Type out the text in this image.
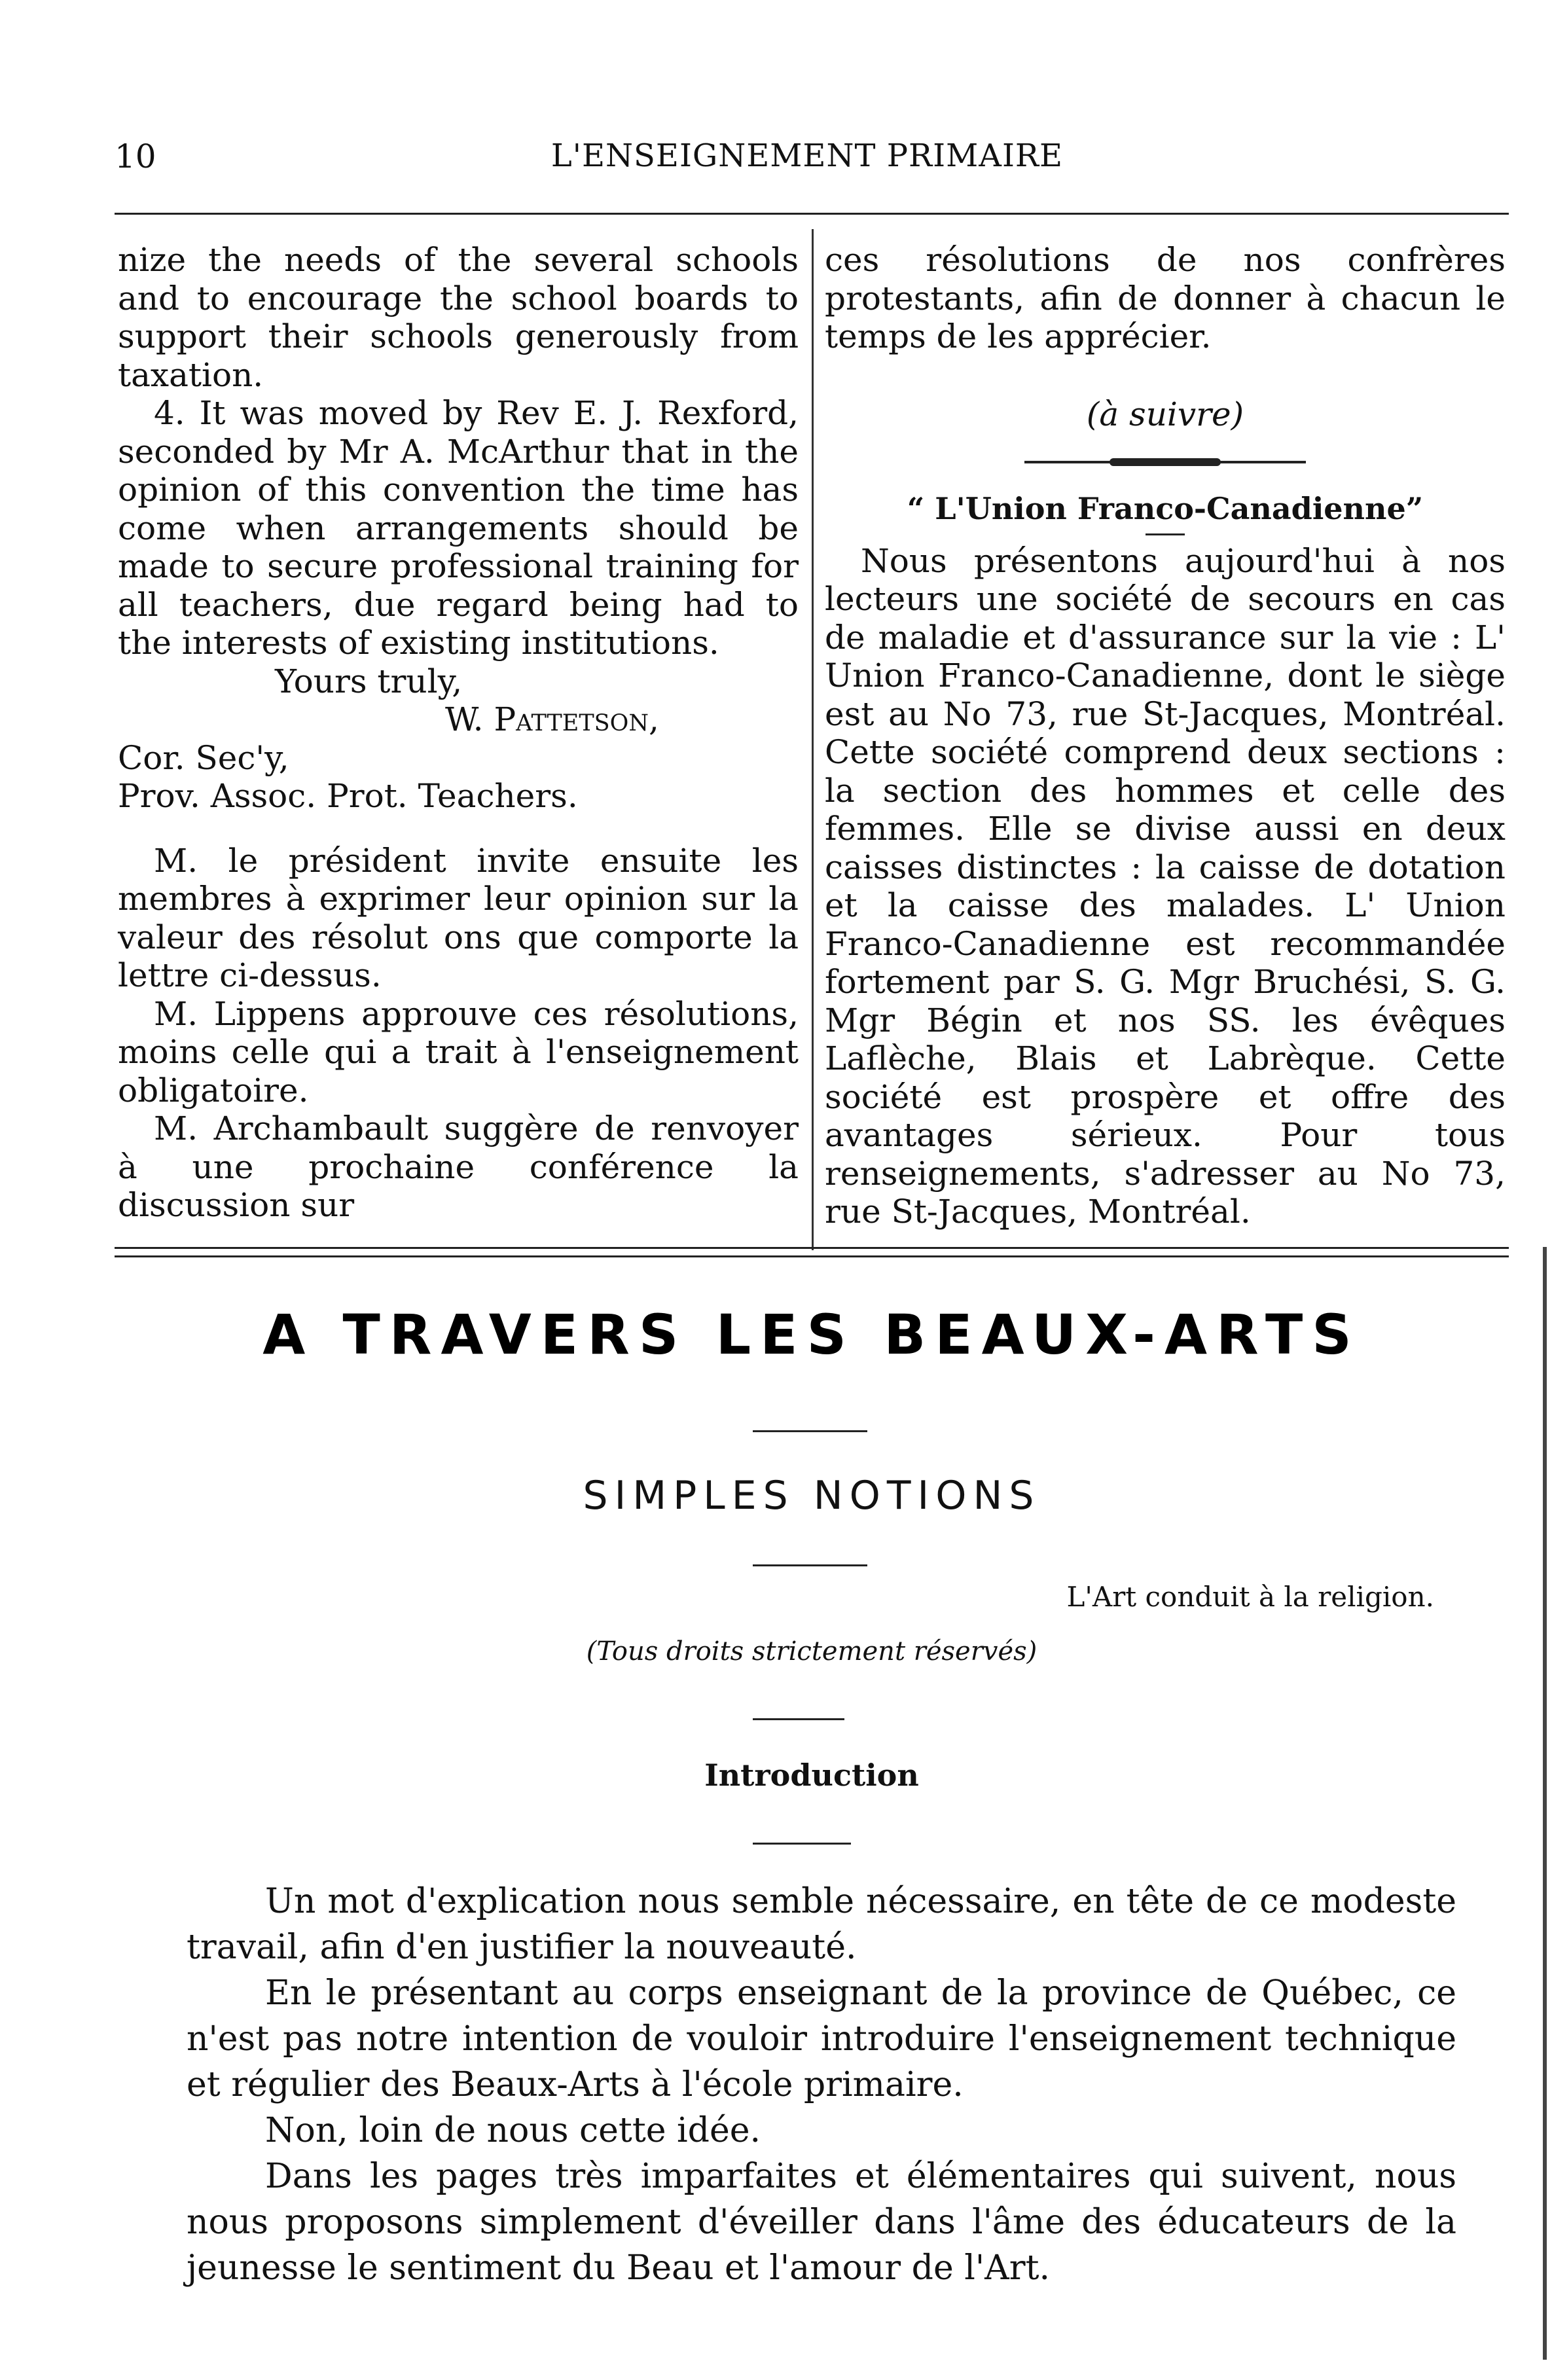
10	L'ENSEIGNEMENT PRIMAIRE

nize the needs of the several schools and to encourage the school boards to support their schools generously from taxation.

4. It was moved by Rev E. J. Rexford, seconded by Mr A. McArthur that in the opinion of this convention the time has come when arrangements should be made to secure professional training for all teachers, due regard being had to the interests of existing institutions.

Yours truly,

W. Pattetson,

Cor. Sec'y,

Prov. Assoc. Prot. Teachers.

M. le président invite ensuite les membres à exprimer leur opinion sur la valeur des résolut ons que comporte la lettre ci-dessus.

M. Lippens approuve ces résolutions, moins celle qui a trait à l'enseignement obligatoire.

M. Archambault suggère de renvoyer à une prochaine conférence la discussion sur

ces résolutions de nos confrères protestants, afin de donner à chacun le temps de les apprécier.

(à suivre)
“ L'Union Franco-Canadienne”

Nous présentons aujourd'hui à nos lecteurs une société de secours en cas de maladie et d'assurance sur la vie : L' Union Franco-Canadienne, dont le siège est au No 73, rue St-Jacques, Montréal. Cette société comprend deux sections : la section des hommes et celle des femmes. Elle se divise aussi en deux caisses distinctes : la caisse de dotation et la caisse des malades. L' Union Franco-Canadienne est recommandée fortement par S. G. Mgr Bruchési, S. G. Mgr Bégin et nos SS. les évêques Laflèche, Blais et Labrèque. Cette société est prospère et offre des avantages sérieux. Pour tous renseignements, s'adresser au No 73, rue St-Jacques, Montréal.

A TRAVERS LES BEAUX-ARTS
SIMPLES NOTIONS
L'Art conduit à la religion.
(Tous droits strictement réservés)
Introduction

Un mot d'explication nous semble nécessaire, en tête de ce modeste travail, afin d'en justifier la nouveauté.

En le présentant au corps enseignant de la province de Québec, ce n'est pas notre intention de vouloir introduire l'enseignement technique et régulier des Beaux-Arts à l'école primaire.

Non, loin de nous cette idée.

Dans les pages très imparfaites et élémentaires qui suivent, nous nous proposons simplement d'éveiller dans l'âme des éducateurs de la jeunesse le sentiment du Beau et l'amour de l'Art.
